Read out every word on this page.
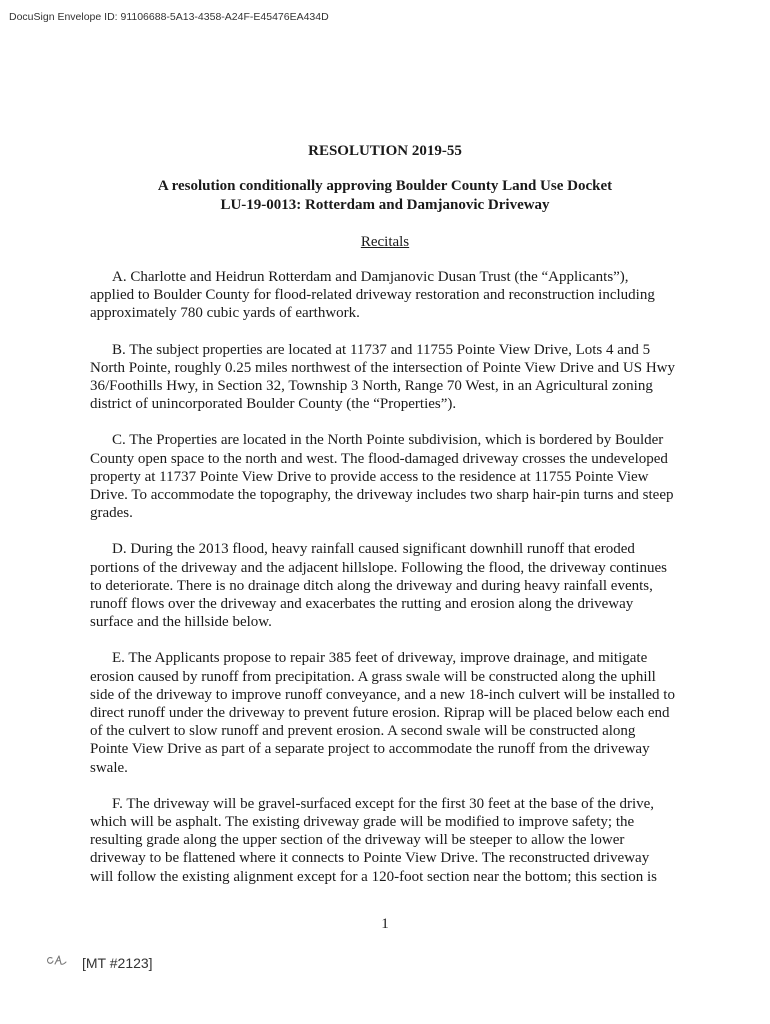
DocuSign Envelope ID: 91106688-5A13-4358-A24F-E45476EA434D
RESOLUTION 2019-55
A resolution conditionally approving Boulder County Land Use Docket
LU-19-0013: Rotterdam and Damjanovic Driveway
Recitals

A. Charlotte and Heidrun Rotterdam and Damjanovic Dusan Trust (the “Applicants”),
applied to Boulder County for flood-related driveway restoration and reconstruction including
approximately 780 cubic yards of earthwork.

B. The subject properties are located at 11737 and 11755 Pointe View Drive, Lots 4 and 5
North Pointe, roughly 0.25 miles northwest of the intersection of Pointe View Drive and US Hwy
36/Foothills Hwy, in Section 32, Township 3 North, Range 70 West, in an Agricultural zoning
district of unincorporated Boulder County (the “Properties”).

C. The Properties are located in the North Pointe subdivision, which is bordered by Boulder
County open space to the north and west. The flood-damaged driveway crosses the undeveloped
property at 11737 Pointe View Drive to provide access to the residence at 11755 Pointe View
Drive. To accommodate the topography, the driveway includes two sharp hair-pin turns and steep
grades.

D. During the 2013 flood, heavy rainfall caused significant downhill runoff that eroded
portions of the driveway and the adjacent hillslope. Following the flood, the driveway continues
to deteriorate. There is no drainage ditch along the driveway and during heavy rainfall events,
runoff flows over the driveway and exacerbates the rutting and erosion along the driveway
surface and the hillside below.

E. The Applicants propose to repair 385 feet of driveway, improve drainage, and mitigate
erosion caused by runoff from precipitation. A grass swale will be constructed along the uphill
side of the driveway to improve runoff conveyance, and a new 18-inch culvert will be installed to
direct runoff under the driveway to prevent future erosion. Riprap will be placed below each end
of the culvert to slow runoff and prevent erosion. A second swale will be constructed along
Pointe View Drive as part of a separate project to accommodate the runoff from the driveway
swale.

F. The driveway will be gravel-surfaced except for the first 30 feet at the base of the drive,
which will be asphalt. The existing driveway grade will be modified to improve safety; the
resulting grade along the upper section of the driveway will be steeper to allow the lower
driveway to be flattened where it connects to Pointe View Drive. The reconstructed driveway
will follow the existing alignment except for a 120-foot section near the bottom; this section is

1
[MT #2123]
